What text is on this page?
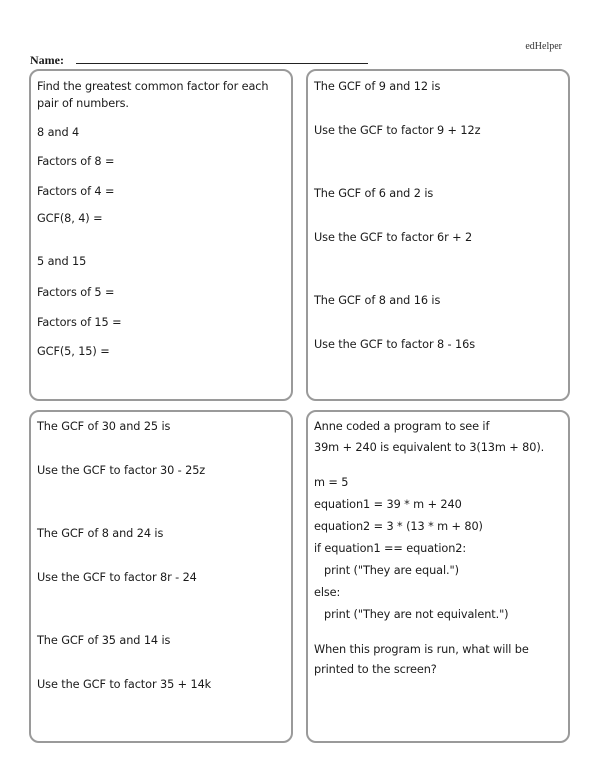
edHelper
Name:
Find the greatest common factor for each pair of numbers.
8 and 4
Factors of 8 =
Factors of 4 =
GCF(8, 4) =
5 and 15
Factors of 5 =
Factors of 15 =
GCF(5, 15) =
The GCF of 9 and 12 is
Use the GCF to factor 9 + 12z
The GCF of 6 and 2 is
Use the GCF to factor 6r + 2
The GCF of 8 and 16 is
Use the GCF to factor 8 - 16s
The GCF of 30 and 25 is
Use the GCF to factor 30 - 25z
The GCF of 8 and 24 is
Use the GCF to factor 8r - 24
The GCF of 35 and 14 is
Use the GCF to factor 35 + 14k
Anne coded a program to see if
39m + 240 is equivalent to 3(13m + 80).
m = 5
equation1 = 39 * m + 240
equation2 = 3 * (13 * m + 80)
if equation1 == equation2:
print ("They are equal.")
else:
print ("They are not equivalent.")
When this program is run, what will be
printed to the screen?
